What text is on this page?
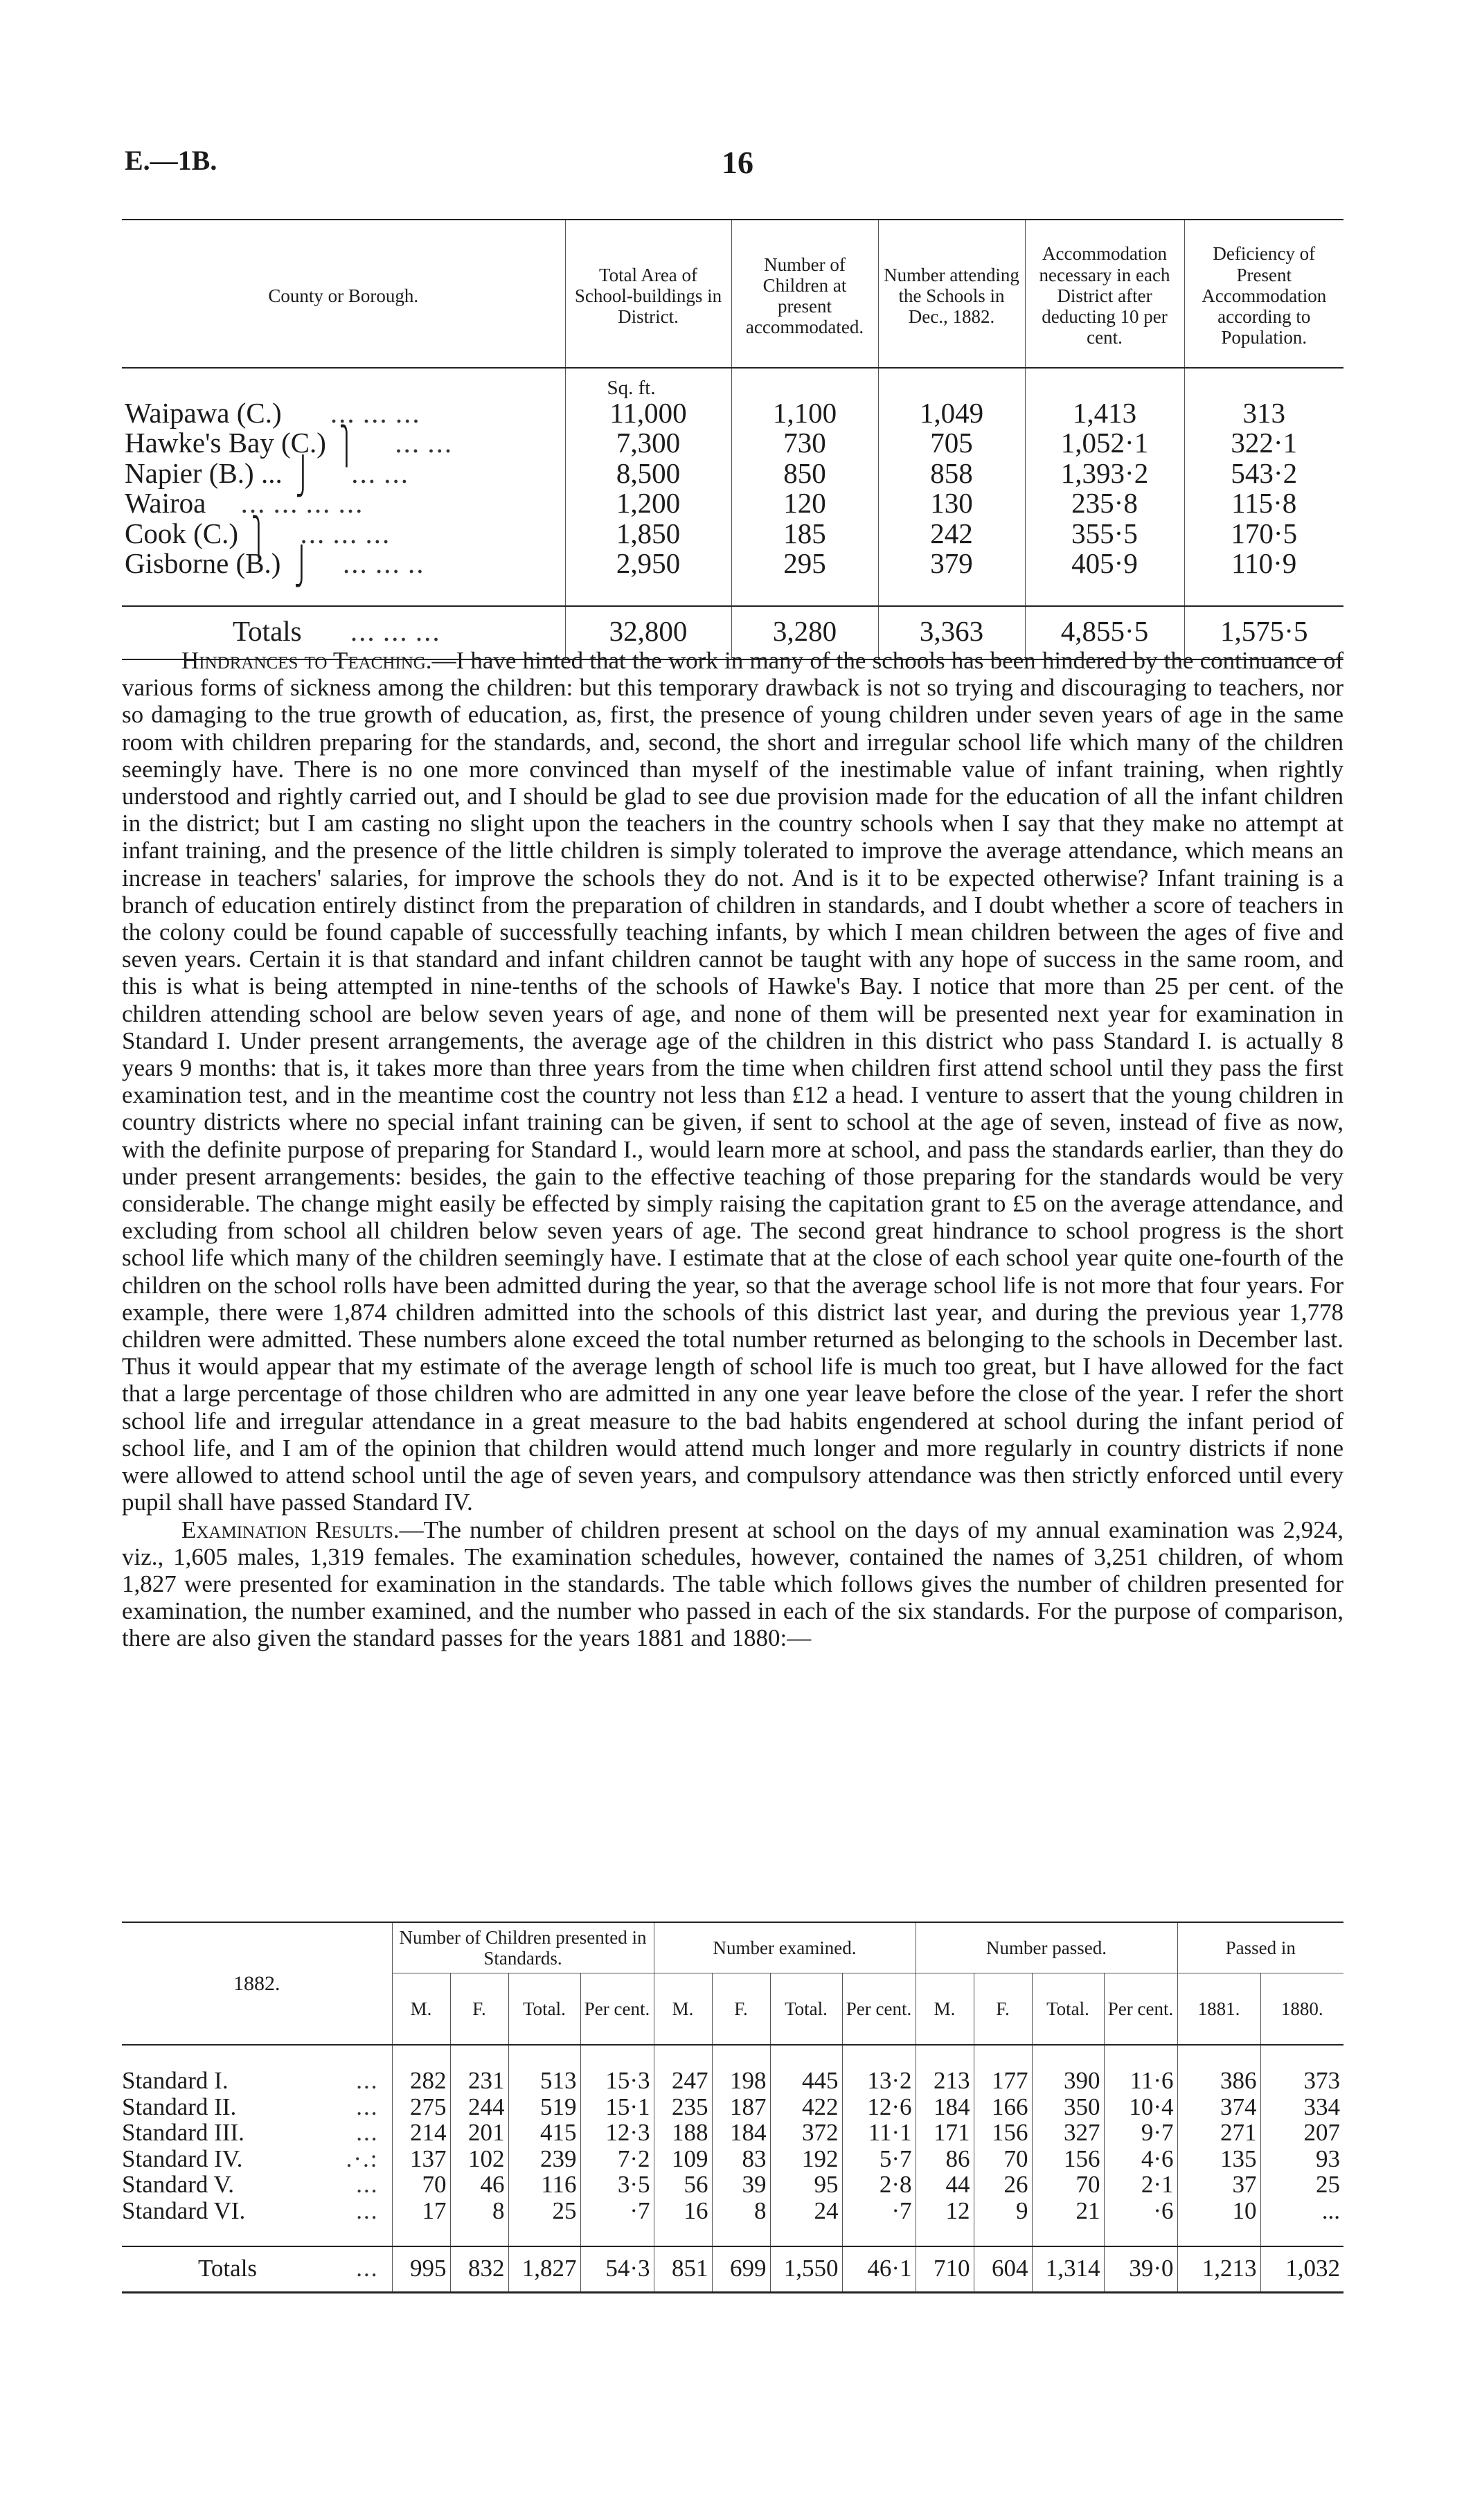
E.—1B.	16
County or Borough.	Total Area of School-buildings in District.	Number of Children at present accommodated.	Number attending the Schools in Dec., 1882.	Accommodation necessary in each District after deducting 10 per cent.	Deficiency of Present Accommodation according to Population.
	Sq. ft.				
Waipawa (C.) ... ... ...	11,000	1,100	1,049	1,413	313
Hawke's Bay (C.) ⎫ ... ...	7,300	730	705	1,052·1	322·1
Napier (B.) ... ⎭ ... ...	8,500	850	858	1,393·2	543·2
Wairoa ... ... ... ...	1,200	120	130	235·8	115·8
Cook (C.) ⎫ ... ... ...	1,850	185	242	355·5	170·5
Gisborne (B.) ⎭ ... ... ..	2,950	295	379	405·9	110·9

Totals ... ... ...	32,800	3,280	3,363	4,855·5	1,575·5

Hindrances to Teaching.—I have hinted that the work in many of the schools has been hindered by the continuance of various forms of sickness among the children: but this temporary drawback is not so trying and discouraging to teachers, nor so damaging to the true growth of education, as, first, the presence of young children under seven years of age in the same room with children preparing for the standards, and, second, the short and irregular school life which many of the children seemingly have. There is no one more convinced than myself of the inestimable value of infant training, when rightly understood and rightly carried out, and I should be glad to see due provision made for the education of all the infant children in the district; but I am casting no slight upon the teachers in the country schools when I say that they make no attempt at infant training, and the presence of the little children is simply tolerated to improve the average attendance, which means an increase in teachers' salaries, for improve the schools they do not. And is it to be expected otherwise? Infant training is a branch of education entirely distinct from the preparation of children in standards, and I doubt whether a score of teachers in the colony could be found capable of successfully teaching infants, by which I mean children between the ages of five and seven years. Certain it is that standard and infant children cannot be taught with any hope of success in the same room, and this is what is being attempted in nine-tenths of the schools of Hawke's Bay. I notice that more than 25 per cent. of the children attending school are below seven years of age, and none of them will be presented next year for examination in Standard I. Under present arrangements, the average age of the children in this district who pass Standard I. is actually 8 years 9 months: that is, it takes more than three years from the time when children first attend school until they pass the first examination test, and in the meantime cost the country not less than £12 a head. I venture to assert that the young children in country districts where no special infant training can be given, if sent to school at the age of seven, instead of five as now, with the definite purpose of preparing for Standard I., would learn more at school, and pass the standards earlier, than they do under present arrangements: besides, the gain to the effective teaching of those preparing for the standards would be very considerable. The change might easily be effected by simply raising the capitation grant to £5 on the average attendance, and excluding from school all children below seven years of age. The second great hindrance to school progress is the short school life which many of the children seemingly have. I estimate that at the close of each school year quite one-fourth of the children on the school rolls have been admitted during the year, so that the average school life is not more that four years. For example, there were 1,874 children admitted into the schools of this district last year, and during the previous year 1,778 children were admitted. These numbers alone exceed the total number returned as belonging to the schools in December last. Thus it would appear that my estimate of the average length of school life is much too great, but I have allowed for the fact that a large percentage of those children who are admitted in any one year leave before the close of the year. I refer the short school life and irregular attendance in a great measure to the bad habits engendered at school during the infant period of school life, and I am of the opinion that children would attend much longer and more regularly in country districts if none were allowed to attend school until the age of seven years, and compulsory attendance was then strictly enforced until every pupil shall have passed Standard IV.

Examination Results.—The number of children present at school on the days of my annual examination was 2,924, viz., 1,605 males, 1,319 females. The examination schedules, however, contained the names of 3,251 children, of whom 1,827 were presented for examination in the standards. The table which follows gives the number of children presented for examination, the number examined, and the number who passed in each of the six standards. For the purpose of comparison, there are also given the standard passes for the years 1881 and 1880:—

1882.	Number of Children presented in Standards.				Number examined.				Number passed.				Passed in	
	M.	F.	Total.	Per cent.	M.	F.	Total.	Per cent.	M.	F.	Total.	Per cent.	1881.	1880.

Standard I. ...	282	231	513	15·3	247	198	445	13·2	213	177	390	11·6	386	373
Standard II. ...	275	244	519	15·1	235	187	422	12·6	184	166	350	10·4	374	334
Standard III. ...	214	201	415	12·3	188	184	372	11·1	171	156	327	9·7	271	207
Standard IV. .·.:	137	102	239	7·2	109	83	192	5·7	86	70	156	4·6	135	93
Standard V. ...	70	46	116	3·5	56	39	95	2·8	44	26	70	2·1	37	25
Standard VI. ...	17	8	25	·7	16	8	24	·7	12	9	21	·6	10	...

Totals ...	995	832	1,827	54·3	851	699	1,550	46·1	710	604	1,314	39·0	1,213	1,032
